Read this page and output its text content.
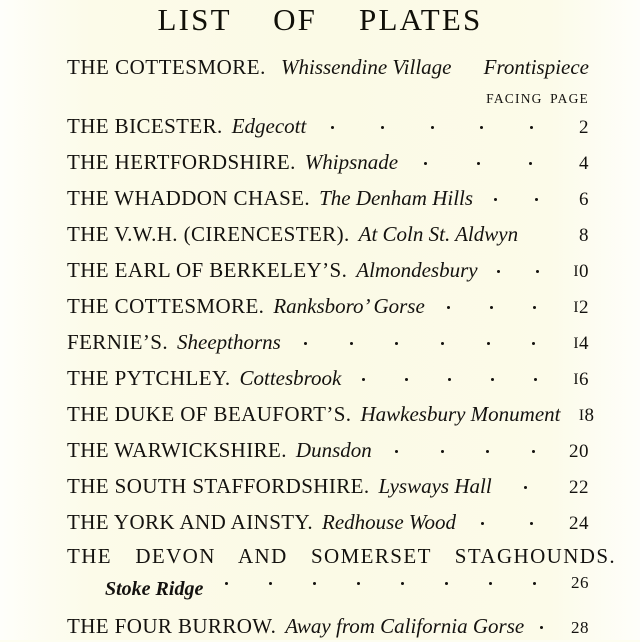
LIST  OF  PLATES
THE COTTESMORE. Whissendine Village Frontispiece
FACING PAGE
THE BICESTER. Edgecott	2
THE HERTFORDSHIRE. Whipsnade	4
THE WHADDON CHASE. The Denham Hills	6
THE V.W.H. (CIRENCESTER). At Coln St. Aldwyn	8
THE EARL OF BERKELEY’S. Almondesbury	I0
THE COTTESMORE. Ranksboro’ Gorse	I2
FERNIE’S. Sheepthorns	I4
THE PYTCHLEY. Cottesbrook	I6
THE DUKE OF BEAUFORT’S. Hawkesbury Monument	I8
THE WARWICKSHIRE. Dunsdon	20
THE SOUTH STAFFORDSHIRE. Lysways Hall	22
THE YORK AND AINSTY. Redhouse Wood	24
THE  DEVON  AND  SOMERSET  STAGHOUNDS.
Stoke Ridge	26
THE FOUR BURROW. Away from California Gorse	28
